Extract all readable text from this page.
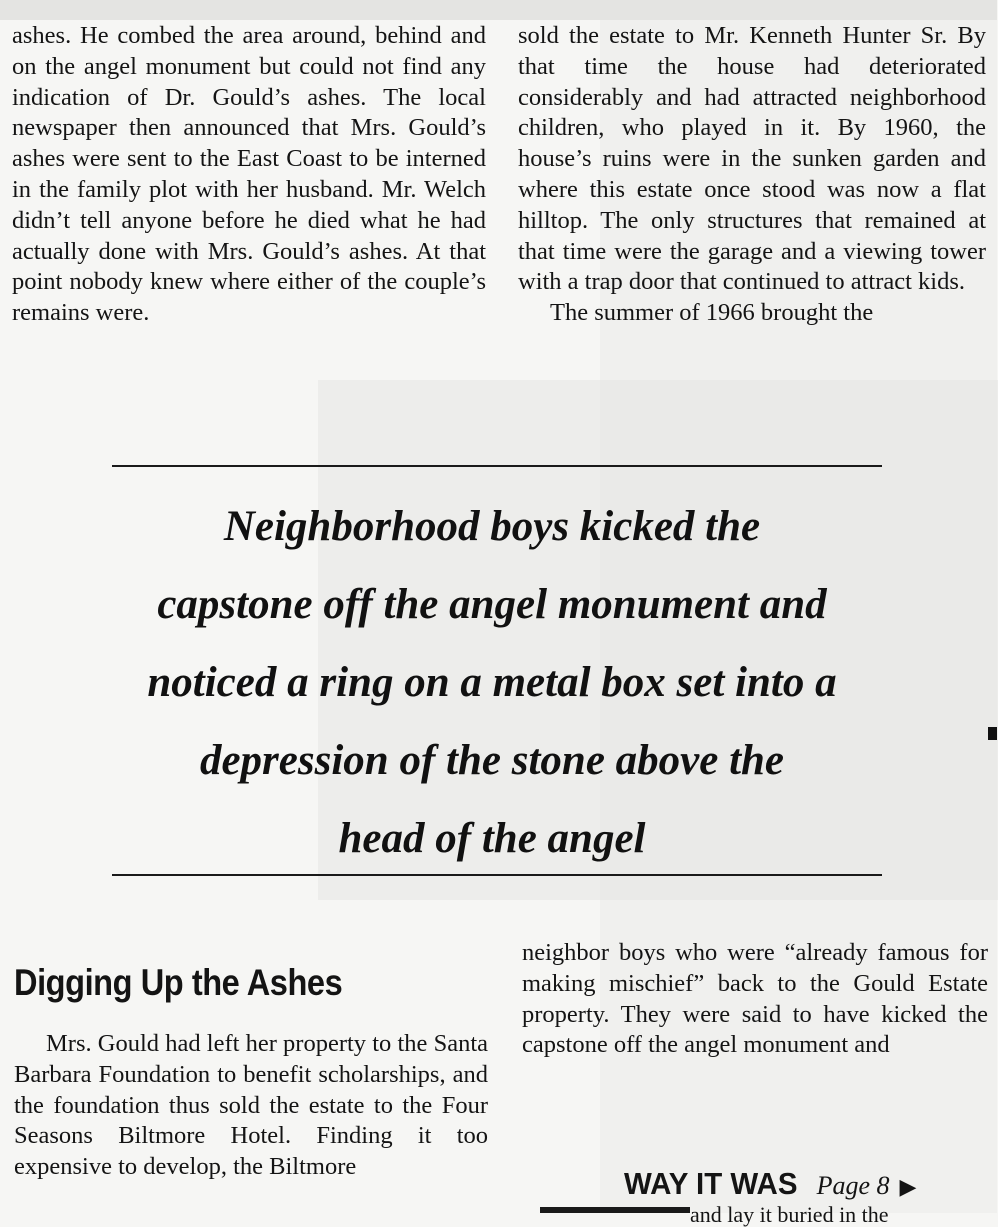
ashes. He combed the area around, behind and on the angel monument but could not find any indication of Dr. Gould’s ashes. The local newspaper then announced that Mrs. Gould’s ashes were sent to the East Coast to be interned in the family plot with her husband. Mr. Welch didn’t tell anyone before he died what he had actually done with Mrs. Gould’s ashes. At that point nobody knew where either of the couple’s remains were.

sold the estate to Mr. Kenneth Hunter Sr. By that time the house had deteriorated considerably and had attracted neighborhood children, who played in it. By 1960, the house’s ruins were in the sunken garden and where this estate once stood was now a flat hilltop. The only structures that remained at that time were the garage and a viewing tower with a trap door that continued to attract kids.

The summer of 1966 brought the

Neighborhood boys kicked the
capstone off the angel monument and
noticed a ring on a metal box set into a
depression of the stone above the
head of the angel
Digging Up the Ashes

Mrs. Gould had left her property to the Santa Barbara Foundation to benefit scholarships, and the foundation thus sold the estate to the Four Seasons Biltmore Hotel. Finding it too expensive to develop, the Biltmore

neighbor boys who were “already famous for making mischief” back to the Gould Estate property. They were said to have kicked the capstone off the angel monument and

WAY IT WAS Page 8 ▶
and lay it buried in the
